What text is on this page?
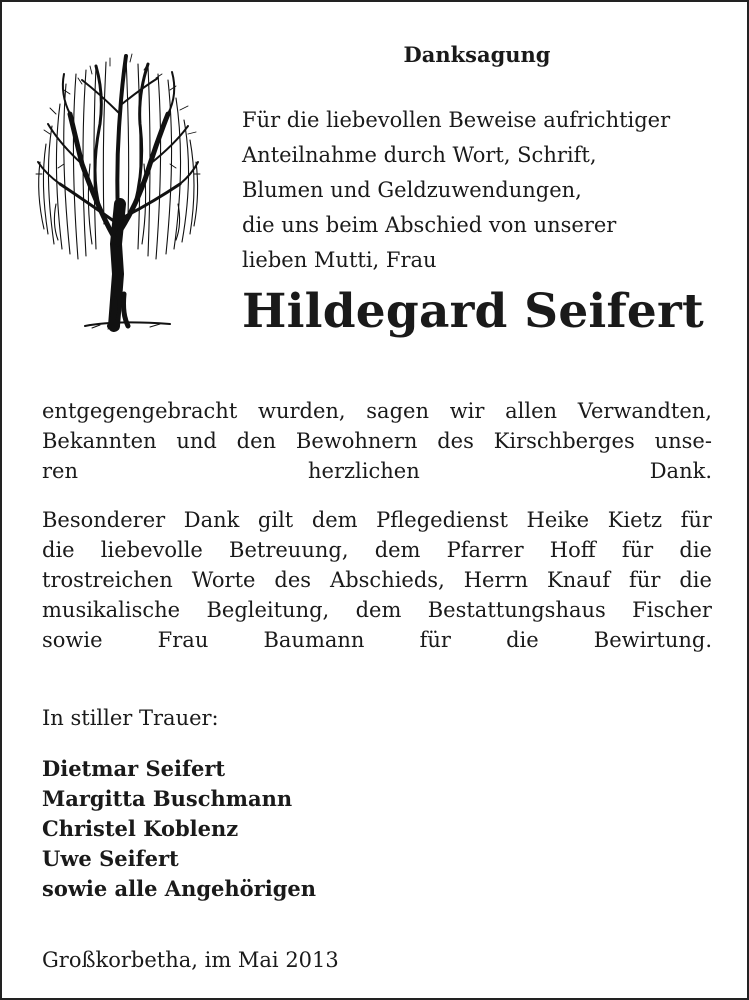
Danksagung
Für die liebevollen Beweise aufrichtiger
Anteilnahme durch Wort, Schrift,
Blumen und Geldzuwendungen,
die uns beim Abschied von unserer
lieben Mutti, Frau
Hildegard Seifert
entgegengebracht wurden, sagen wir allen Verwandten,
Bekannten und den Bewohnern des Kirschberges unse-
ren herzlichen Dank.
Besonderer Dank gilt dem Pflegedienst Heike Kietz für
die liebevolle Betreuung, dem Pfarrer Hoff für die
trostreichen Worte des Abschieds, Herrn Knauf für die
musikalische Begleitung, dem Bestattungshaus Fischer
sowie Frau Baumann für die Bewirtung.
In stiller Trauer:
Dietmar Seifert
Margitta Buschmann
Christel Koblenz
Uwe Seifert
sowie alle Angehörigen
Großkorbetha, im Mai 2013
